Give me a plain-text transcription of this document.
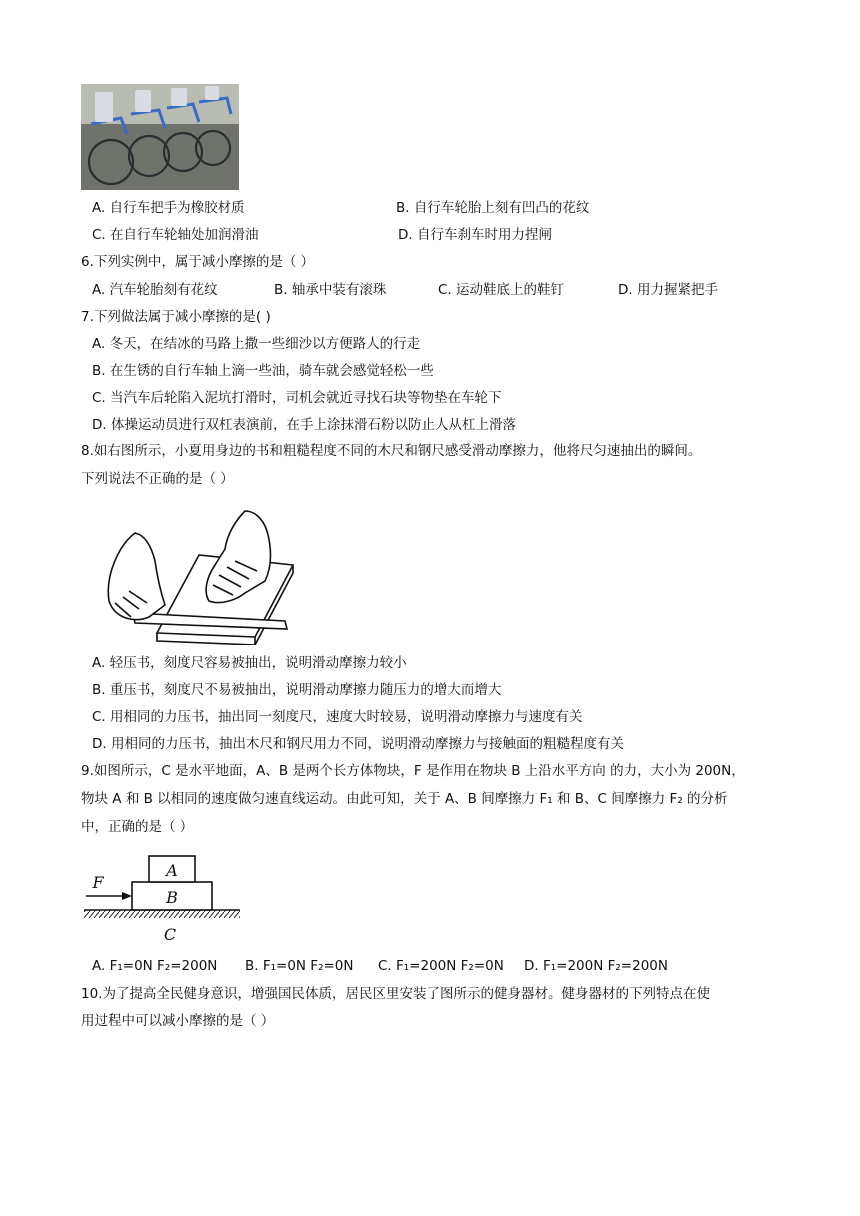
A. 自行车把手为橡胶材质	B. 自行车轮胎上刻有凹凸的花纹
C. 在自行车轮轴处加润滑油	D. 自行车刹车时用力捏闸
6.下列实例中，属于减小摩擦的是（ ）
A. 汽车轮胎刻有花纹	B. 轴承中装有滚珠	C. 运动鞋底上的鞋钉	D. 用力握紧把手
7.下列做法属于减小摩擦的是( )
A. 冬天，在结冰的马路上撒一些细沙以方便路人的行走
B. 在生锈的自行车轴上滴一些油，骑车就会感觉轻松一些
C. 当汽车后轮陷入泥坑打滑时，司机会就近寻找石块等物垫在车轮下
D. 体操运动员进行双杠表演前，在手上涂抹滑石粉以防止人从杠上滑落
8.如右图所示，小夏用身边的书和粗糙程度不同的木尺和钢尺感受滑动摩擦力，他将尺匀速抽出的瞬间。
下列说法不正确的是（ ）
A. 轻压书，刻度尺容易被抽出，说明滑动摩擦力较小
B. 重压书，刻度尺不易被抽出，说明滑动摩擦力随压力的增大而增大
C. 用相同的力压书，抽出同一刻度尺，速度大时较易，说明滑动摩擦力与速度有关
D. 用相同的力压书，抽出木尺和钢尺用力不同，说明滑动摩擦力与接触面的粗糙程度有关
9.如图所示，C 是水平地面，A、B 是两个长方体物块，F 是作用在物块 B 上沿水平方向 的力，大小为 200N，
物块 A 和 B 以相同的速度做匀速直线运动。由此可知，关于 A、B 间摩擦力 F₁ 和 B、C 间摩擦力 F₂ 的分析
中，正确的是（ ）
A
B
C
F
A. F₁=0N F₂=200N B. F₁=0N F₂=0N C. F₁=200N F₂=0N D. F₁=200N F₂=200N
10.为了提高全民健身意识，增强国民体质，居民区里安装了图所示的健身器材。健身器材的下列特点在使
用过程中可以减小摩擦的是（ ）
